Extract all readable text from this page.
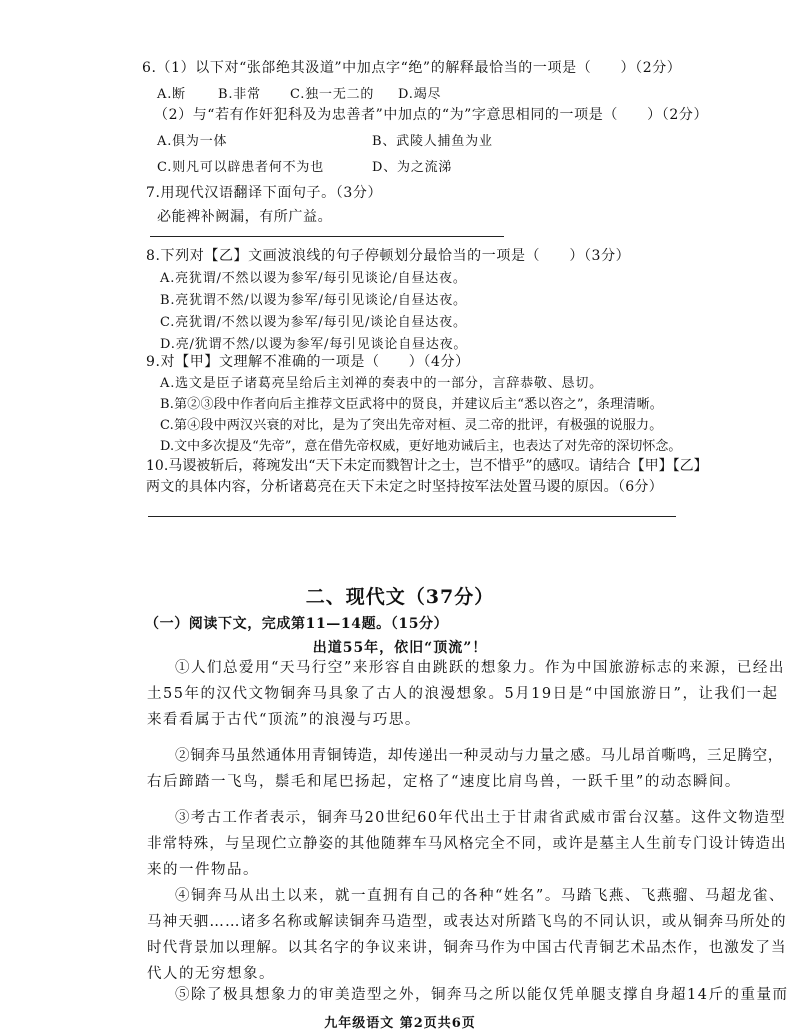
6.（1）以下对“张郃绝其汲道”中加点字“绝”的解释最恰当的一项是（　　）（2分）
A.断 B.非常 C.独一无二的 D.竭尽
（2）与“若有作奸犯科及为忠善者”中加点的“为”字意思相同的一项是（　　）（2分）
A.俱为一体	B、武陵人捕鱼为业
C.则凡可以辟患者何不为也	D、为之流涕
7.用现代汉语翻译下面句子。（3分）
必能裨补阙漏，有所广益。
8.下列对【乙】文画波浪线的句子停顿划分最恰当的一项是（　　）（3分）
A.亮犹谓/不然以谡为参军/每引见谈论/自昼达夜。
B.亮犹谓不然/以谡为参军/每引见谈论/自昼达夜。
C.亮犹谓/不然以谡为参军/每引见/谈论自昼达夜。
D.亮/犹谓不然/以谡为参军/每引见谈论自昼达夜。
9.对【甲】文理解不准确的一项是（　　）（4分）
A.选文是臣子诸葛亮呈给后主刘禅的奏表中的一部分，言辞恭敬、恳切。
B.第②③段中作者向后主推荐文臣武将中的贤良，并建议后主“悉以咨之”，条理清晰。
C.第④段中两汉兴衰的对比，是为了突出先帝对桓、灵二帝的批评，有极强的说服力。
D.文中多次提及“先帝”，意在借先帝权威，更好地劝诫后主，也表达了对先帝的深切怀念。
10.马谡被斩后，蒋琬发出“天下未定而戮智计之士，岂不惜乎”的感叹。请结合【甲】【乙】
两文的具体内容，分析诸葛亮在天下未定之时坚持按军法处置马谡的原因。（6分）
二、现代文（37分）
（一）阅读下文，完成第11—14题。（15分）
出道55年，依旧“顶流”！
①人们总爱用“天马行空”来形容自由跳跃的想象力。作为中国旅游标志的来源，已经出
土55年的汉代文物铜奔马具象了古人的浪漫想象。5月19日是“中国旅游日”，让我们一起
来看看属于古代“顶流”的浪漫与巧思。
②铜奔马虽然通体用青铜铸造，却传递出一种灵动与力量之感。马儿昂首嘶鸣，三足腾空，
右后蹄踏一飞鸟，鬃毛和尾巴扬起，定格了“速度比肩鸟兽，一跃千里”的动态瞬间。
③考古工作者表示，铜奔马20世纪60年代出土于甘肃省武威市雷台汉墓。这件文物造型
非常特殊，与呈现伫立静姿的其他随葬车马风格完全不同，或许是墓主人生前专门设计铸造出
来的一件物品。
④铜奔马从出土以来，就一直拥有自己的各种“姓名”。马踏飞燕、飞燕骝、马超龙雀、
马神天驷……诸多名称或解读铜奔马造型，或表达对所踏飞鸟的不同认识，或从铜奔马所处的
时代背景加以理解。以其名字的争议来讲，铜奔马作为中国古代青铜艺术品杰作，也激发了当
代人的无穷想象。
⑤除了极具想象力的审美造型之外，铜奔马之所以能仅凭单腿支撑自身超14斤的重量而
九年级语文 第2页共6页
